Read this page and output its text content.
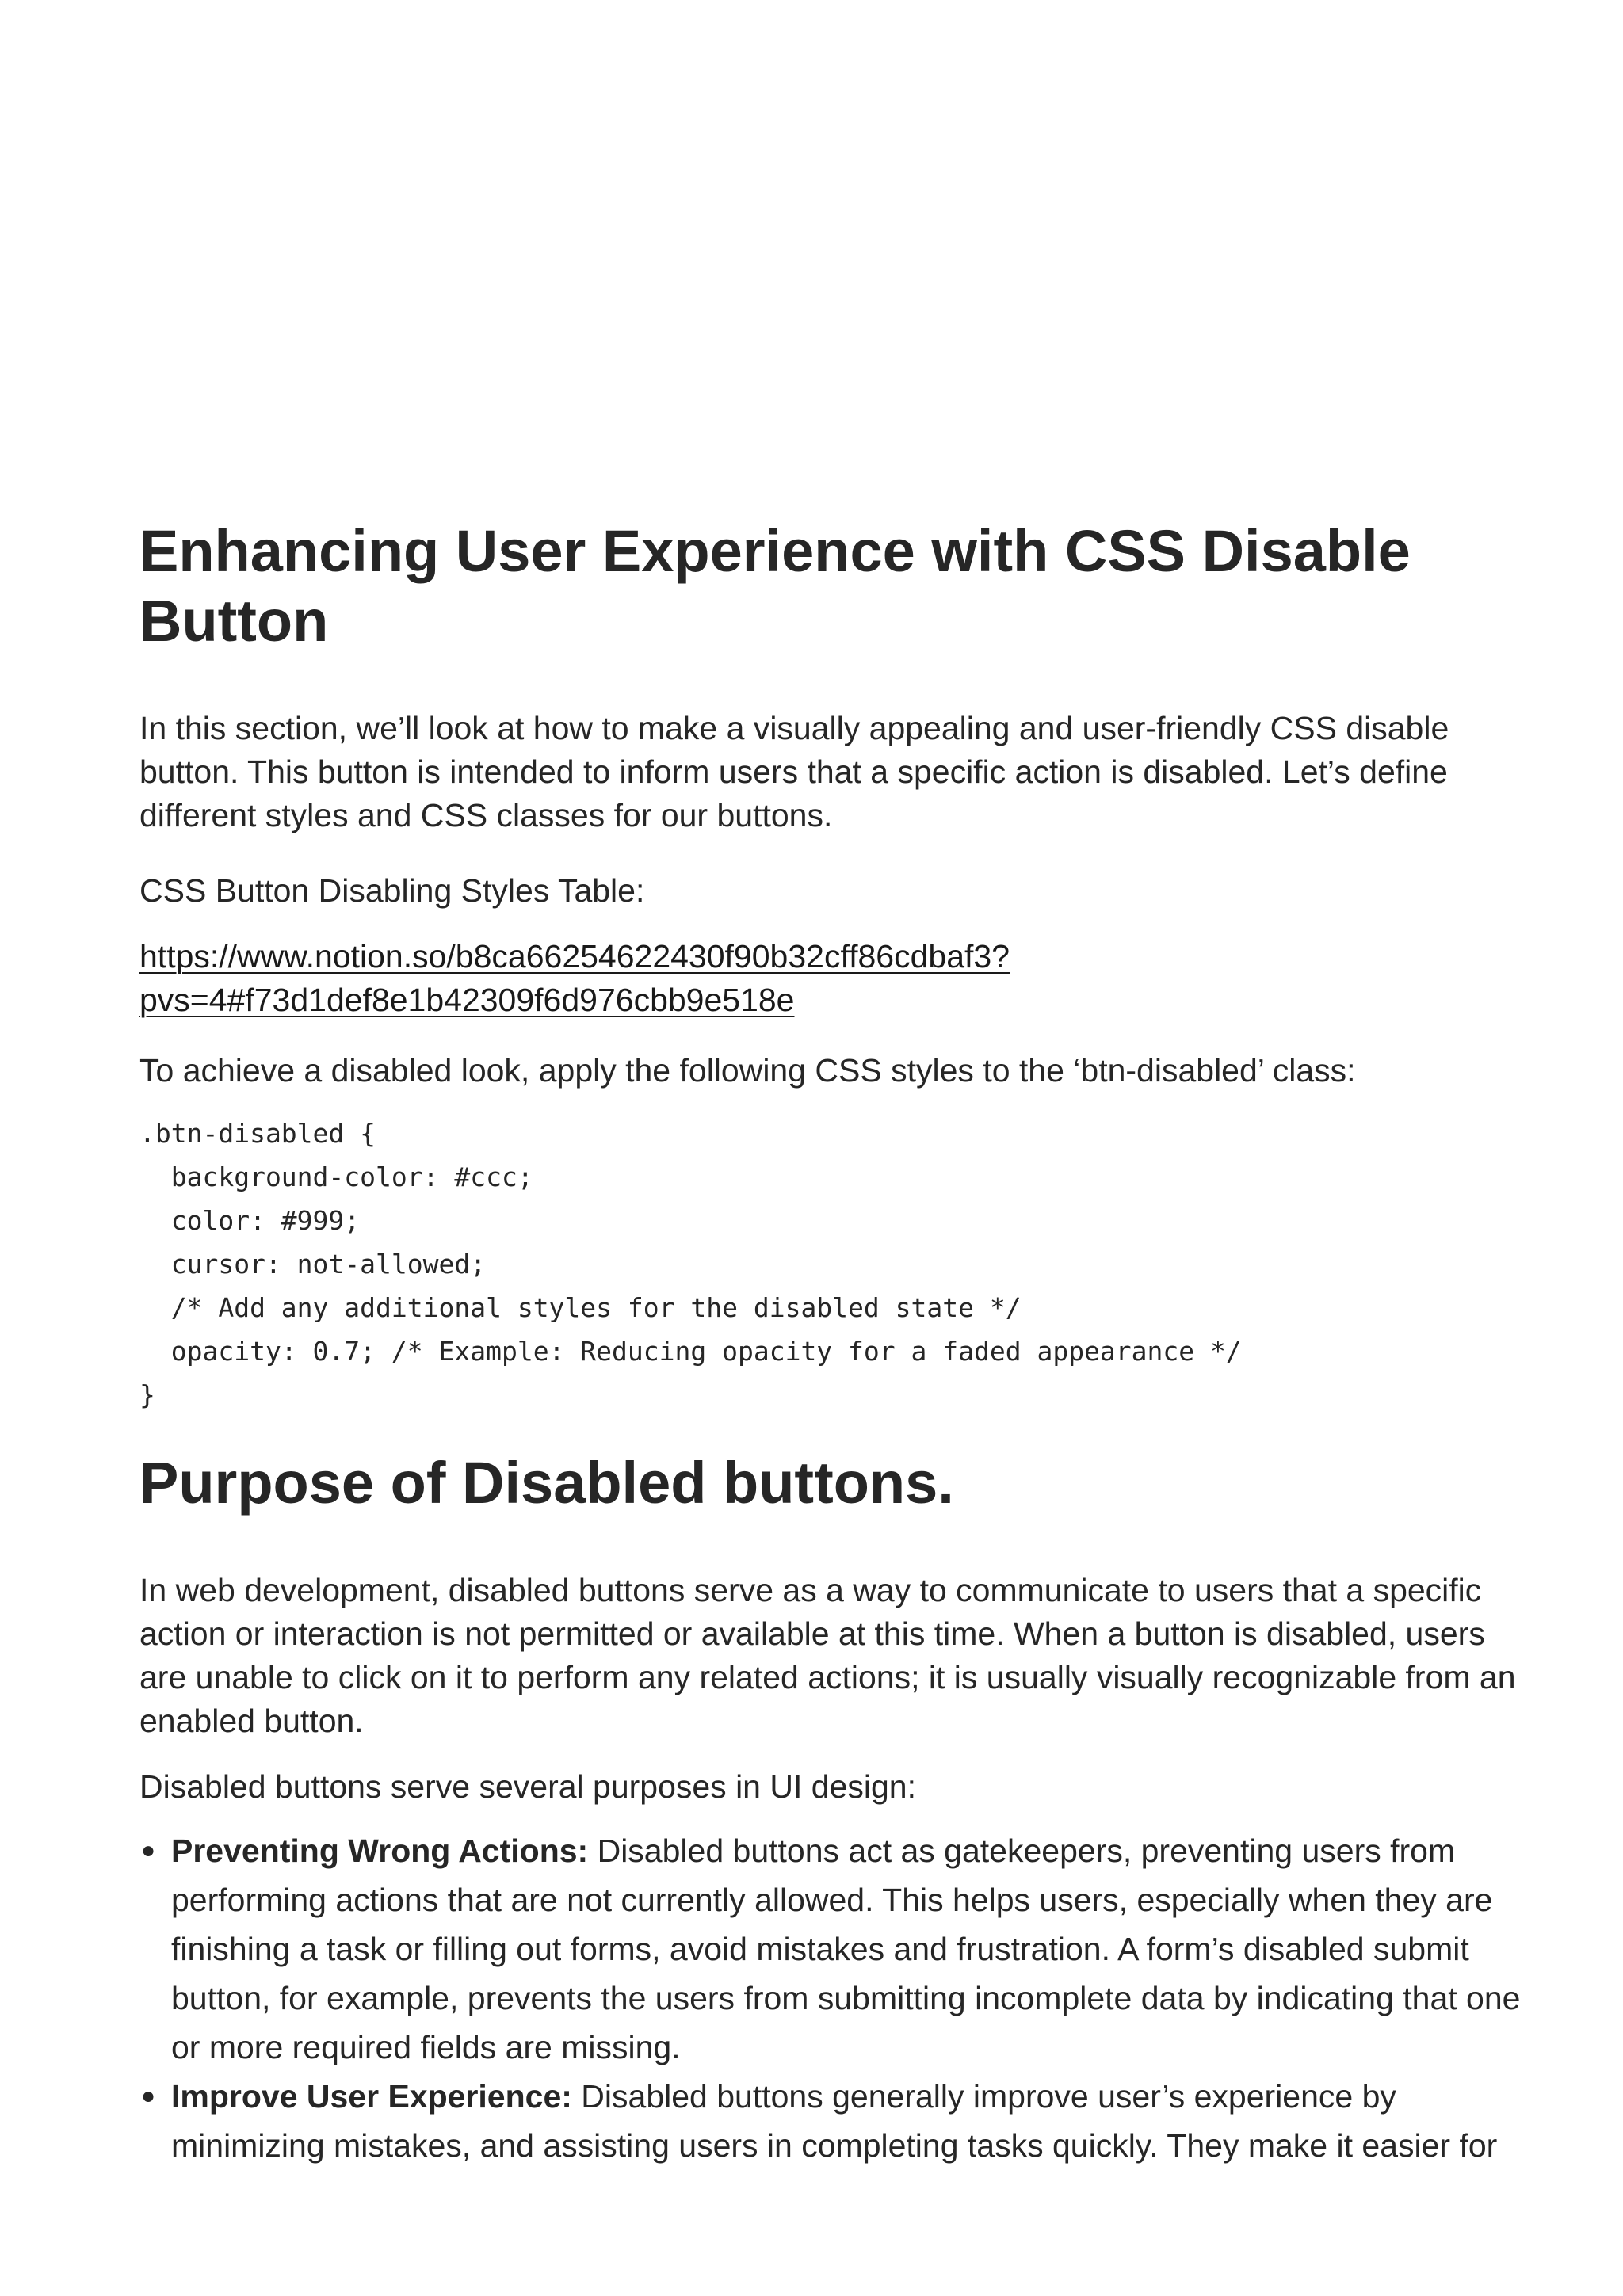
Enhancing User Experience with CSS Disable Button

In this section, we’ll look at how to make a visually appealing and user-friendly CSS disable button. This button is intended to inform users that a specific action is disabled. Let’s define different styles and CSS classes for our buttons.

CSS Button Disabling Styles Table:

https://www.notion.so/b8ca66254622430f90b32cff86cdbaf3?
pvs=4#f73d1def8e1b42309f6d976cbb9e518e

To achieve a disabled look, apply the following CSS styles to the ‘btn-disabled’ class:

.btn-disabled {
background-color: #ccc;
color: #999;
cursor: not-allowed;
/* Add any additional styles for the disabled state */
opacity: 0.7; /* Example: Reducing opacity for a faded appearance */
}
Purpose of Disabled buttons.

In web development, disabled buttons serve as a way to communicate to users that a specific action or interaction is not permitted or available at this time. When a button is disabled, users are unable to click on it to perform any related actions; it is usually visually recognizable from an enabled button.

Disabled buttons serve several purposes in UI design:

● Preventing Wrong Actions: Disabled buttons act as gatekeepers, preventing users from performing actions that are not currently allowed. This helps users, especially when they are finishing a task or filling out forms, avoid mistakes and frustration. A form’s disabled submit button, for example, prevents the users from submitting incomplete data by indicating that one or more required fields are missing.
● Improve User Experience: Disabled buttons generally improve user’s experience by minimizing mistakes, and assisting users in completing tasks quickly. They make it easier for
